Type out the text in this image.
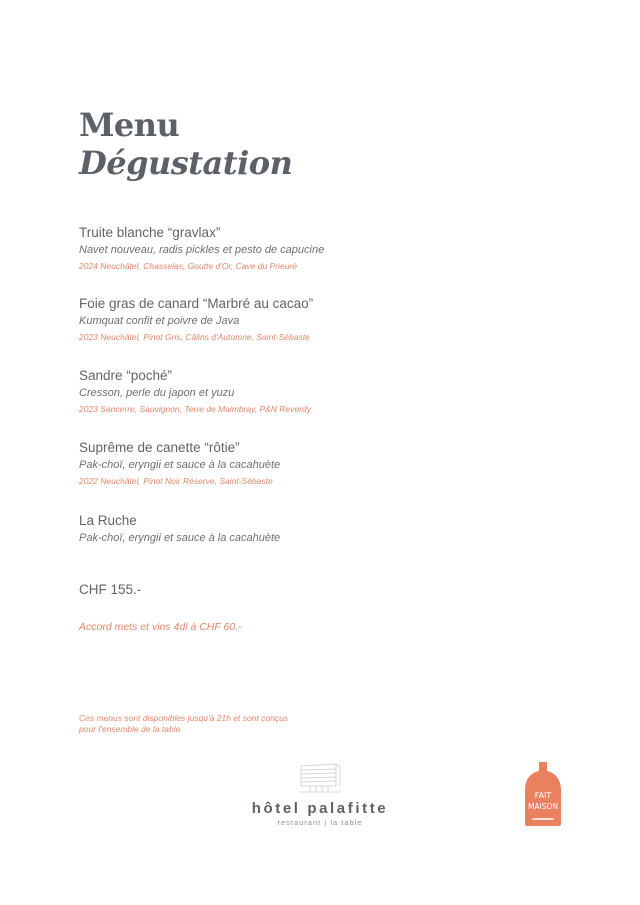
Menu
Dégustation
Truite blanche “gravlax”
Navet nouveau, radis pickles et pesto de capucine
2024 Neuchâtel, Chasselas, Goutte d'Or, Cave du Prieuré
Foie gras de canard “Marbré au cacao”
Kumquat confit et poivre de Java
2023 Neuchâtel, Pinot Gris, Câlins d'Automne, Saint-Sébaste
Sandre “poché”
Cresson, perle du japon et yuzu
2023 Sancerre, Sauvignon, Terre de Maimbray, P&N Reverdy
Suprême de canette “rôtie”
Pak-choï, eryngii et sauce à la cacahuète
2022 Neuchâtel, Pinot Noir Réserve, Saint-Sébaste
La Ruche
Pak-choï, eryngii et sauce à la cacahuète
CHF 155.-
Accord mets et vins 4dl à CHF 60.-
Ces menus sont disponibles jusqu'à 21h et sont conçus
pour l'ensemble de la table.
hôtel palafitte
restaurant | la table
FAIT
MAISON
